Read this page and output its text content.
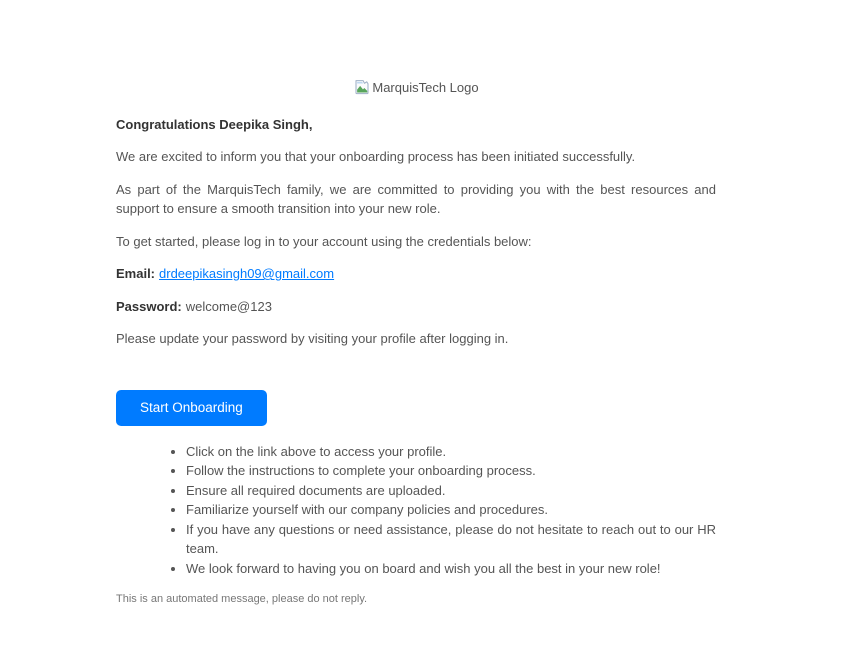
MarquisTech Logo

Congratulations Deepika Singh,

We are excited to inform you that your onboarding process has been initiated successfully.

As part of the MarquisTech family, we are committed to providing you with the best resources and support to ensure a smooth transition into your new role.

To get started, please log in to your account using the credentials below:

Email: drdeepikasingh09@gmail.com

Password: welcome@123

Please update your password by visiting your profile after logging in.

Start Onboarding
• Click on the link above to access your profile.
• Follow the instructions to complete your onboarding process.
• Ensure all required documents are uploaded.
• Familiarize yourself with our company policies and procedures.
• If you have any questions or need assistance, please do not hesitate to reach out to our HR team.
• We look forward to having you on board and wish you all the best in your new role!

This is an automated message, please do not reply.
